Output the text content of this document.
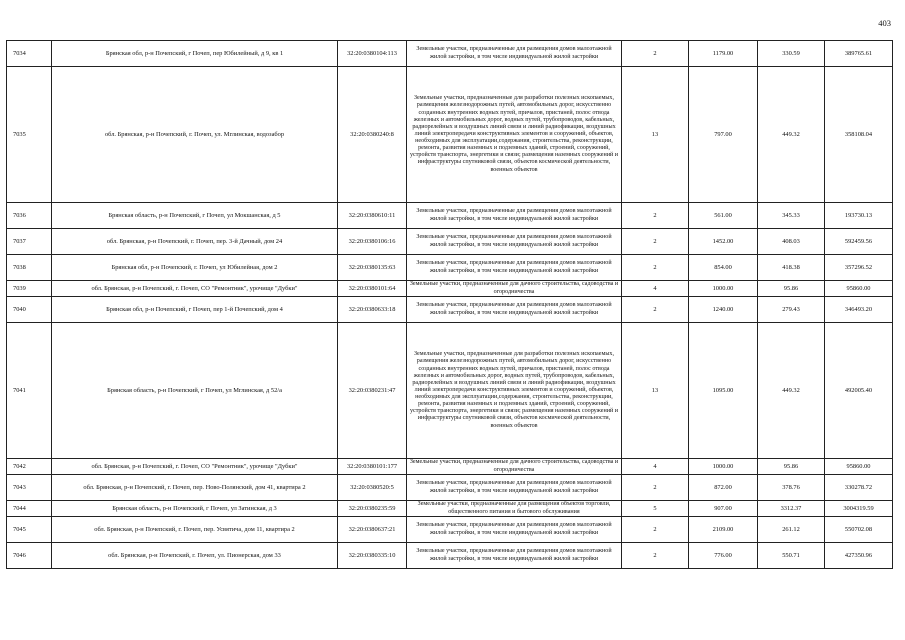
403
7034	Брянская обл, р-н Почепский, г Почеп, пер Юбилейный, д 9, кв 1	32:20:0380104:113	Земельные участки, предназначенные для размещения домов малоэтажной жилой застройки, в том числе индивидуальной жилой застройки	2	1179.00	330.59	389765.61
7035	обл. Брянская, р-н Почепский, г. Почеп, ул. Мглинская, водозабор	32:20:0380240:8	Земельные участки, предназначенные для разработки полезных ископаемых, размещения железнодорожных путей, автомобильных дорог, искусственно созданных внутренних водных путей, причалов, пристаней, полос отвода железных и автомобильных дорог, водных путей, трубопроводов, кабельных, радиорелейных и воздушных линий связи и линий радиофикации, воздушных линий электропередачи конструктивных элементов и сооружений, объектов, необходимых для эксплуатации,содержания, строительства, реконструкции, ремонта, развития наземных и подземных зданий, строений, сооружений, устройств транспорта, энергетики и связи; размещения наземных сооружений и инфраструктуры спутниковой связи, объектов космической деятельности, военных объектов	13	797.00	449.32	358108.04
7036	Брянская область, р-н Почепский, г Почеп, ул Мокшанская, д 5	32:20:0380610:11	Земельные участки, предназначенные для размещения домов малоэтажной жилой застройки, в том числе индивидуальной жилой застройки	2	561.00	345.33	193730.13
7037	обл. Брянская, р-н Почепский, г. Почеп, пер. 3-й Дачный, дом 24	32:20:0380106:16	Земельные участки, предназначенные для размещения домов малоэтажной жилой застройки, в том числе индивидуальной жилой застройки	2	1452.00	408.03	592459.56
7038	Брянская обл, р-н Почепский, г. Почеп, ул Юбилейная, дом 2	32:20:0380135:63	Земельные участки, предназначенные для размещения домов малоэтажной жилой застройки, в том числе индивидуальной жилой застройки	2	854.00	418.38	357296.52
7039	обл. Брянская, р-н Почепский, г. Почеп, СО "Ремонтник", урочище "Дубки"	32:20:0380101:64	Земельные участки, предназначенные для дачного строительства, садоводства и огородничества	4	1000.00	95.86	95860.00
7040	Брянская обл, р-н Почепский, г Почеп, пер 1-й Почепский, дом 4	32:20:0380633:18	Земельные участки, предназначенные для размещения домов малоэтажной жилой застройки, в том числе индивидуальной жилой застройки	2	1240.00	279.43	346493.20
7041	Брянская область, р-н Почепский, г Почеп, ул Мглинская, д 52/а	32:20:0380231:47	Земельные участки, предназначенные для разработки полезных ископаемых, размещения железнодорожных путей, автомобильных дорог, искусственно созданных внутренних водных путей, причалов, пристаней, полос отвода железных и автомобильных дорог, водных путей, трубопроводов, кабельных, радиорелейных и воздушных линий связи и линий радиофикации, воздушных линий электропередачи конструктивных элементов и сооружений, объектов, необходимых для эксплуатации,содержания, строительства, реконструкции, ремонта, развития наземных и подземных зданий, строений, сооружений, устройств транспорта, энергетики и связи; размещения наземных сооружений и инфраструктуры спутниковой связи, объектов космической деятельности, военных объектов	13	1095.00	449.32	492005.40
7042	обл. Брянская, р-н Почепский, г. Почеп, СО "Ремонтник", урочище "Дубки"	32:20:0380101:177	Земельные участки, предназначенные для дачного строительства, садоводства и огородничества	4	1000.00	95.86	95860.00
7043	обл. Брянская, р-н Почепский, г. Почеп, пер. Ново-Полянский, дом 41, квартира 2	32:20:0380520:5	Земельные участки, предназначенные для размещения домов малоэтажной жилой застройки, в том числе индивидуальной жилой застройки	2	872.00	378.76	330278.72
7044	Брянская область, р-н Почепский, г Почеп, ул Затинская, д 3	32:20:0380235:59	Земельные участки, предназначенные для размещения объектов торговли, общественного питания и бытового обслуживания	5	907.00	3312.37	3004319.59
7045	обл. Брянская, р-н Почепский, г. Почеп, пер. Усвятича, дом 11, квартира 2	32:20:0380637:21	Земельные участки, предназначенные для размещения домов малоэтажной жилой застройки, в том числе индивидуальной жилой застройки	2	2109.00	261.12	550702.08
7046	обл. Брянская, р-н Почепский, г. Почеп, ул. Пионерская, дом 33	32:20:0380335:10	Земельные участки, предназначенные для размещения домов малоэтажной жилой застройки, в том числе индивидуальной жилой застройки	2	776.00	550.71	427350.96
